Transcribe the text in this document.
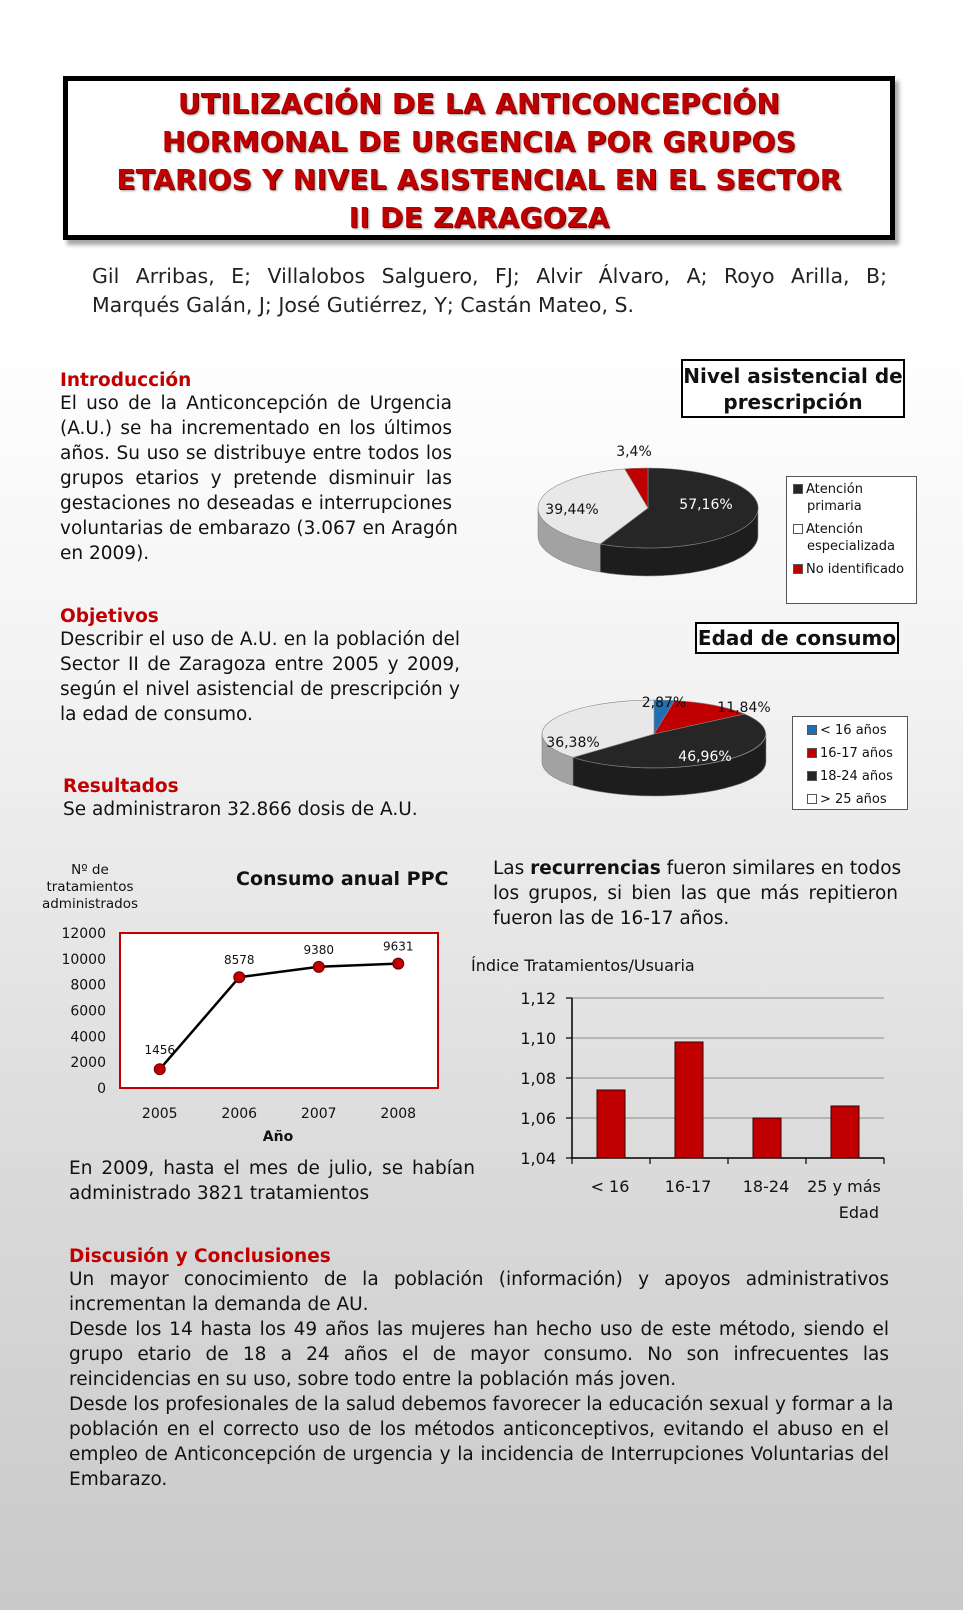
UTILIZACIÓN DE LA ANTICONCEPCIÓN
HORMONAL DE URGENCIA POR GRUPOS
ETARIOS Y NIVEL ASISTENCIAL EN EL SECTOR
II DE ZARAGOZA
Gil Arribas, E; Villalobos Salguero, FJ; Alvir Álvaro, A; Royo Arilla, B;
Marqués Galán, J; José Gutiérrez, Y; Castán Mateo, S.
Introducción
El uso de la Anticoncepción de Urgencia
(A.U.) se ha incrementado en los últimos
años. Su uso se distribuye entre todos los
grupos etarios y pretende disminuir las
gestaciones no deseadas e interrupciones
voluntarias de embarazo (3.067 en Aragón
en 2009).
Objetivos
Describir el uso de A.U. en la población del
Sector II de Zaragoza entre 2005 y 2009,
según el nivel asistencial de prescripción y
la edad de consumo.
Resultados
Se administraron 32.866 dosis de A.U.
Nivel asistencial de
prescripción
57,16%
39,44%
3,4%
Atención
primaria
Atención
especializada
No identificado
Edad de consumo
2,87% 11,84%
46,96%
36,38%
< 16 años
16-17 años
18-24 años
> 25 años
Nº de
tratamientos
administrados
Consumo anual PPC
0
2000
4000
6000
8000
10000
12000
2005	2006	2007	2008
Año
1456
8578
9380	9631
Las recurrencias fueron similares en todos
los grupos, si bien las que más repitieron
fueron las de 16-17 años.
Índice Tratamientos/Usuaria
1,04
1,06
1,08
1,10
1,12
< 16 16-17 18-24 25 y más
Edad
En 2009, hasta el mes de julio, se habían
administrado 3821 tratamientos
Discusión y Conclusiones
Un mayor conocimiento de la población (información) y apoyos administrativos
incrementan la demanda de AU.
Desde los 14 hasta los 49 años las mujeres han hecho uso de este método, siendo el
grupo etario de 18 a 24 años el de mayor consumo. No son infrecuentes las
reincidencias en su uso, sobre todo entre la población más joven.
Desde los profesionales de la salud debemos favorecer la educación sexual y formar a la
población en el correcto uso de los métodos anticonceptivos, evitando el abuso en el
empleo de Anticoncepción de urgencia y la incidencia de Interrupciones Voluntarias del
Embarazo.
